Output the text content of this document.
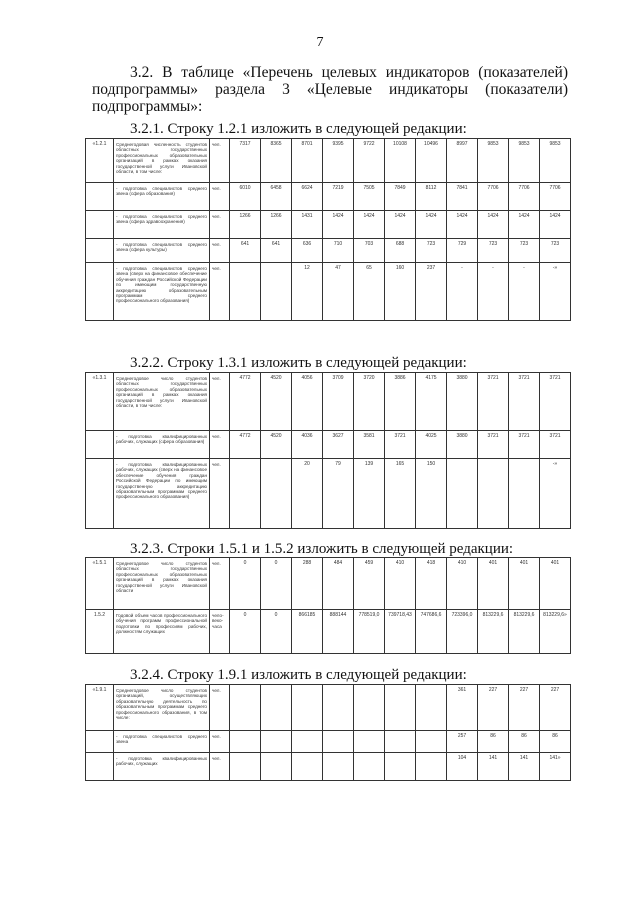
7
3.2. В таблице «Перечень целевых индикаторов (показателей) подпрограммы» раздела 3 «Целевые индикаторы (показатели) подпрограммы»:
3.2.1. Строку 1.2.1 изложить в следующей редакции:
«1.2.1	Среднегодовая численность студентов областных государственных профессиональных образовательных организаций в рамках оказания государственной услуги Ивановской области, в том числе:	чел.	7317	8365	8701	9395	9722	10108	10496	8997	9853	9853	9853
	- подготовка специалистов среднего звена (сфера образования)	чел.	6010	6458	6624	7219	7505	7849	8112	7841	7706	7706	7706
	- подготовка специалистов среднего звена (сфера здравоохранения)	чел.	1266	1266	1431	1424	1424	1424	1424	1424	1424	1424	1424
	- подготовка специалистов среднего звена (сфера культуры)	чел.	641	641	636	710	703	688	723	729	723	723	723
	- подготовка специалистов среднего звена (сверх на финансовое обеспечение обучения граждан Российской Федерации по имеющим государственную аккредитацию образовательным программам среднего профессионального образования)	чел.			12	47	65	160	237	-	-	-	-»
3.2.2. Строку 1.3.1 изложить в следующей редакции:
«1.3.1	Среднегодовое число студентов областных государственных профессиональных образовательных организаций в рамках оказания государственной услуги Ивановской области, в том числе:	чел.	4772	4520	4056	3709	3720	3886	4175	3880	3721	3721	3721
	- подготовка квалифицированных рабочих, служащих (сфера образования)	чел.	4772	4520	4036	3627	3581	3721	4025	3880	3721	3721	3721
	- подготовка квалифицированных рабочих, служащих (сверх на финансовое обеспечение обучения граждан Российской Федерации по имеющим государственную аккредитацию образовательным программам среднего профессионального образования)	чел.			20	79	139	165	150				-»
3.2.3. Строки 1.5.1 и 1.5.2 изложить в следующей редакции:
«1.5.1	Среднегодовое число студентов областных государственных профессиональных образовательных организаций в рамках оказания государственной услуги Ивановской области	чел.	0	0	288	484	459	410	418	410	401	401	401
1.5.2	Годовой объем часов профессионального обучения программ профессиональной подготовки по профессиям рабочих, должностям служащих	чело-веко-часа	0	0	866185	888144	778519,0	739718,43	747686,6	723396,0	813229,6	813229,6	813229,6»
3.2.4. Строку 1.9.1 изложить в следующей редакции:
«1.9.1	Среднегодовое число студентов организаций, осуществляющих образовательную деятельность по образовательным программам среднего профессионального образования, в том числе:	чел.								361	227	227	227
	- подготовка специалистов среднего звена	чел.								257	86	86	86
	- подготовка квалифицированных рабочих, служащих	чел.								104	141	141	141»
